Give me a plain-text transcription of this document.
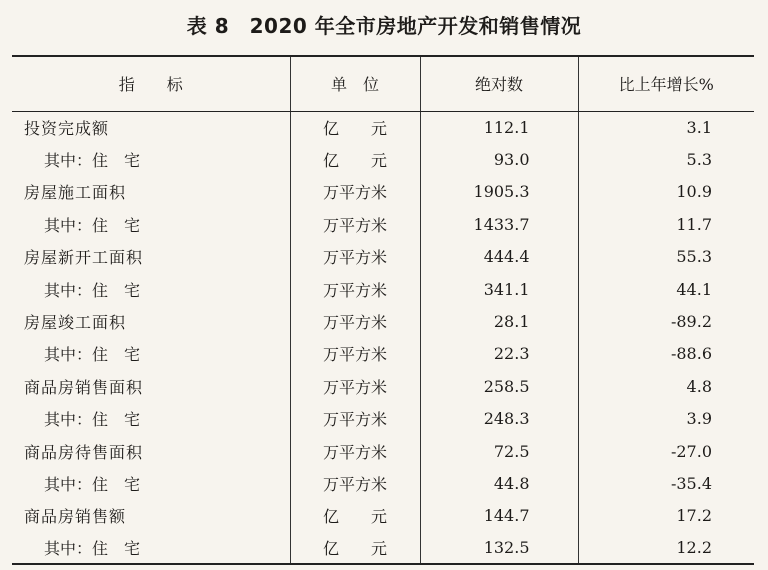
表 8　2020 年全市房地产开发和销售情况
指　　标	单　位	绝对数	比上年增长%
投资完成额	亿　　元	112.1	3.1
其中：住　宅	亿　　元	93.0	5.3
房屋施工面积	万平方米	1905.3	10.9
其中：住　宅	万平方米	1433.7	11.7
房屋新开工面积	万平方米	444.4	55.3
其中：住　宅	万平方米	341.1	44.1
房屋竣工面积	万平方米	28.1	-89.2
其中：住　宅	万平方米	22.3	-88.6
商品房销售面积	万平方米	258.5	4.8
其中：住　宅	万平方米	248.3	3.9
商品房待售面积	万平方米	72.5	-27.0
其中：住　宅	万平方米	44.8	-35.4
商品房销售额	亿　　元	144.7	17.2
其中：住　宅	亿　　元	132.5	12.2
